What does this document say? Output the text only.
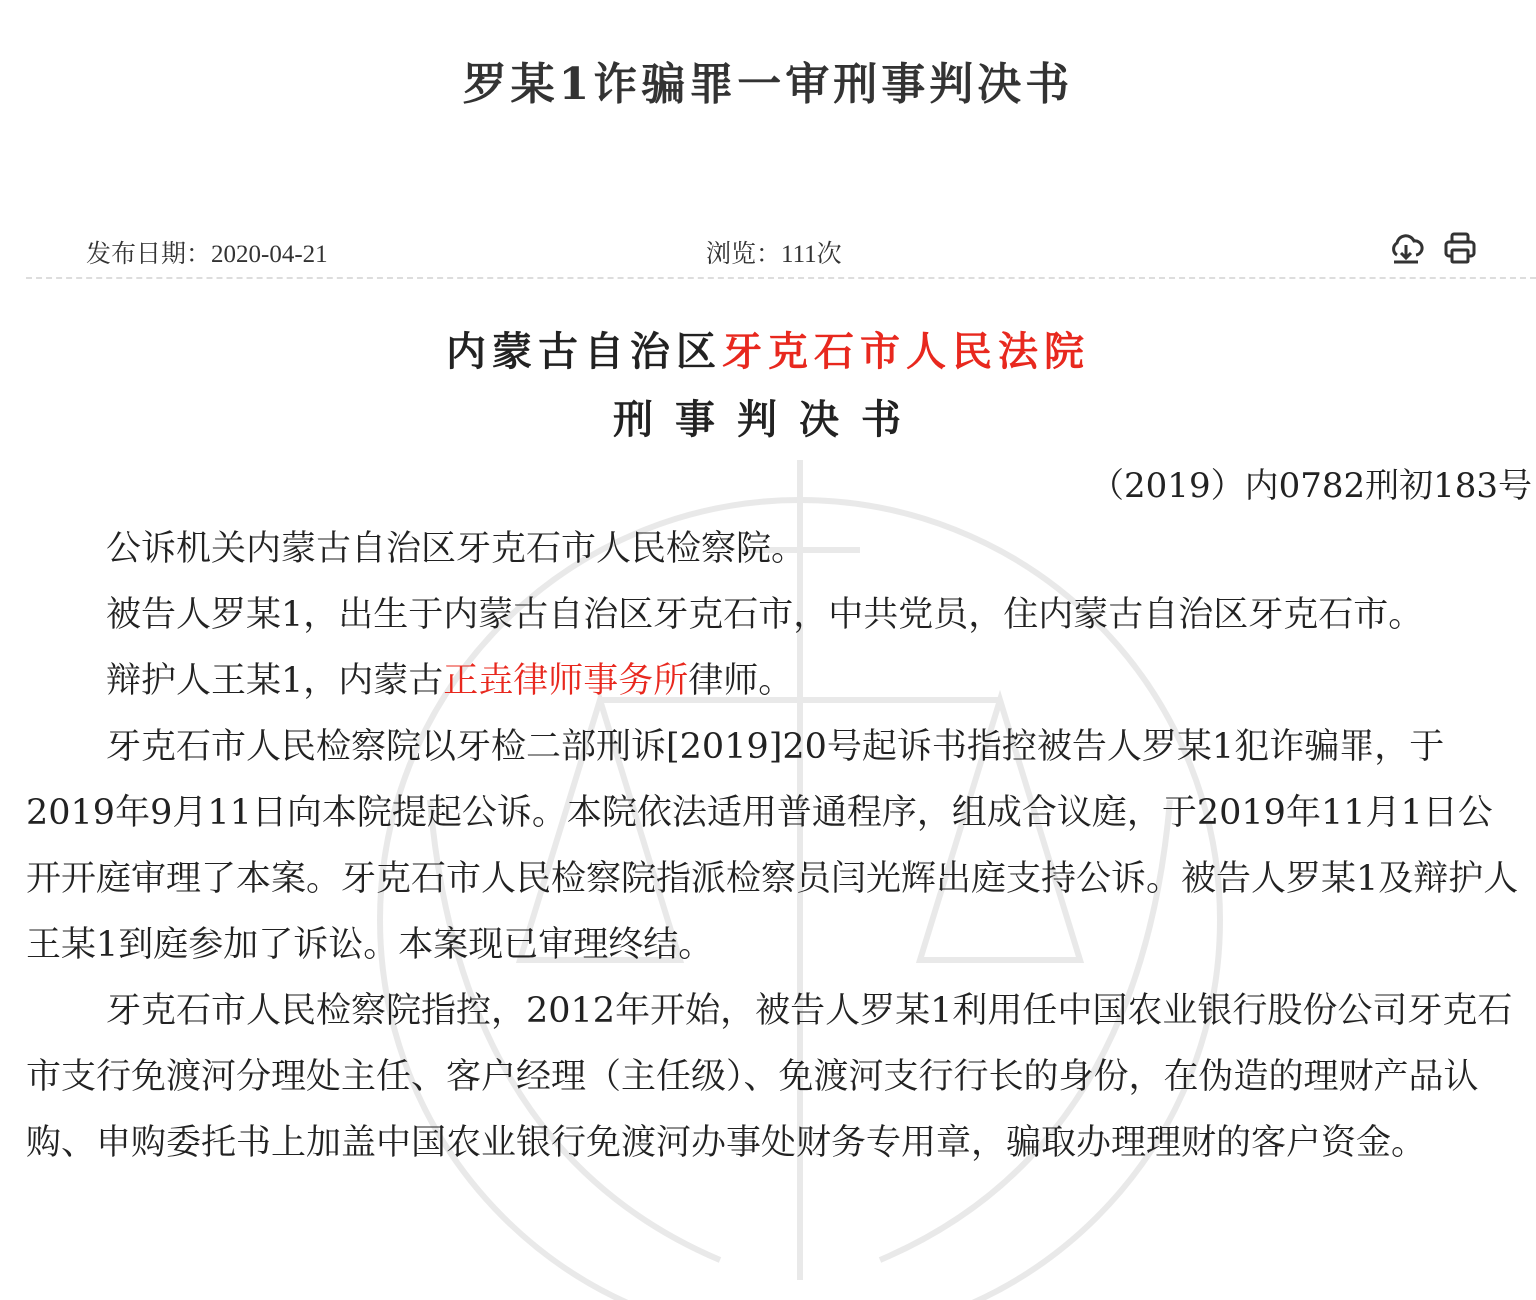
罗某1诈骗罪一审刑事判决书
发布日期：2020-04-21	浏览：111次
内蒙古自治区牙克石市人民法院
刑事判决书
（2019）内0782刑初183号

公诉机关内蒙古自治区牙克石市人民检察院。

被告人罗某1，出生于内蒙古自治区牙克石市，中共党员，住内蒙古自治区牙克石市。

辩护人王某1，内蒙古正垚律师事务所律师。

牙克石市人民检察院以牙检二部刑诉[2019]20号起诉书指控被告人罗某1犯诈骗罪，于2019年9月11日向本院提起公诉。本院依法适用普通程序，组成合议庭，于2019年11月1日公开开庭审理了本案。牙克石市人民检察院指派检察员闫光辉出庭支持公诉。被告人罗某1及辩护人王某1到庭参加了诉讼。本案现已审理终结。

牙克石市人民检察院指控，2012年开始，被告人罗某1利用任中国农业银行股份公司牙克石市支行免渡河分理处主任、客户经理（主任级）、免渡河支行行长的身份，在伪造的理财产品认购、申购委托书上加盖中国农业银行免渡河办事处财务专用章，骗取办理理财的客户资金。
